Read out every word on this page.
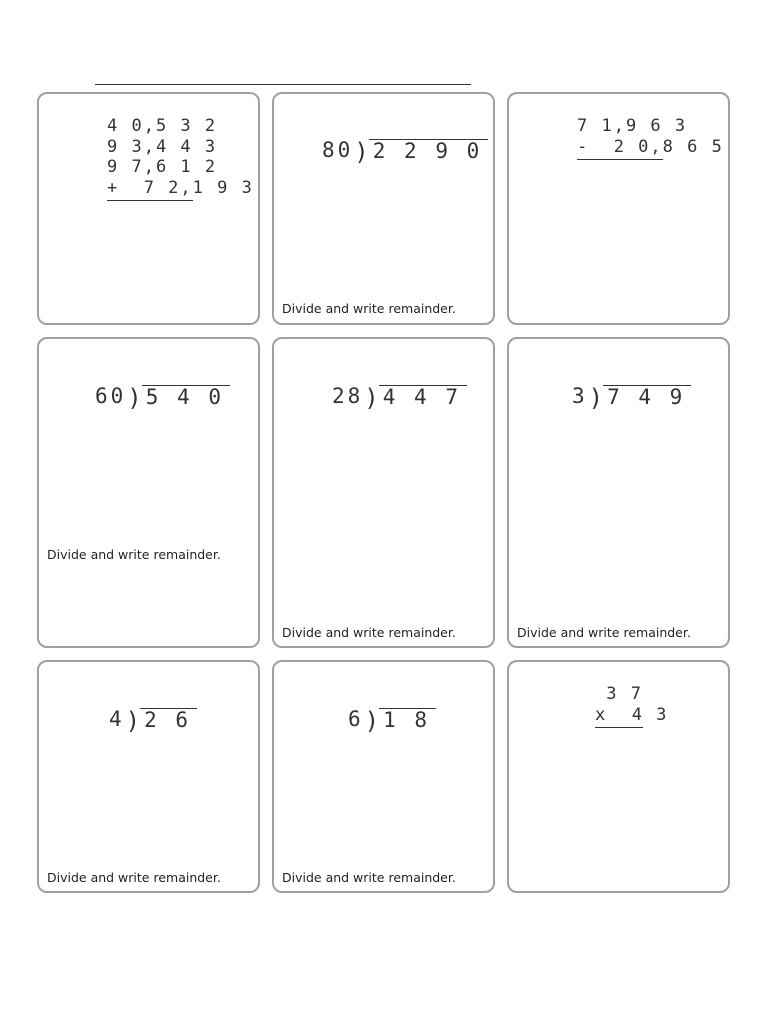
4 0,5 3 2
9 3,4 4 3
9 7,6 1 2
+  7 2,1 9 3
80 ) 2 2 9 0
Divide and write remainder.
7 1,9 6 3
-  2 0,8 6 5
60 ) 5 4 0
Divide and write remainder.
28 ) 4 4 7
Divide and write remainder.
3 ) 7 4 9
Divide and write remainder.
4 ) 2 6
Divide and write remainder.
6 ) 1 8
Divide and write remainder.
3 7
x  4 3
